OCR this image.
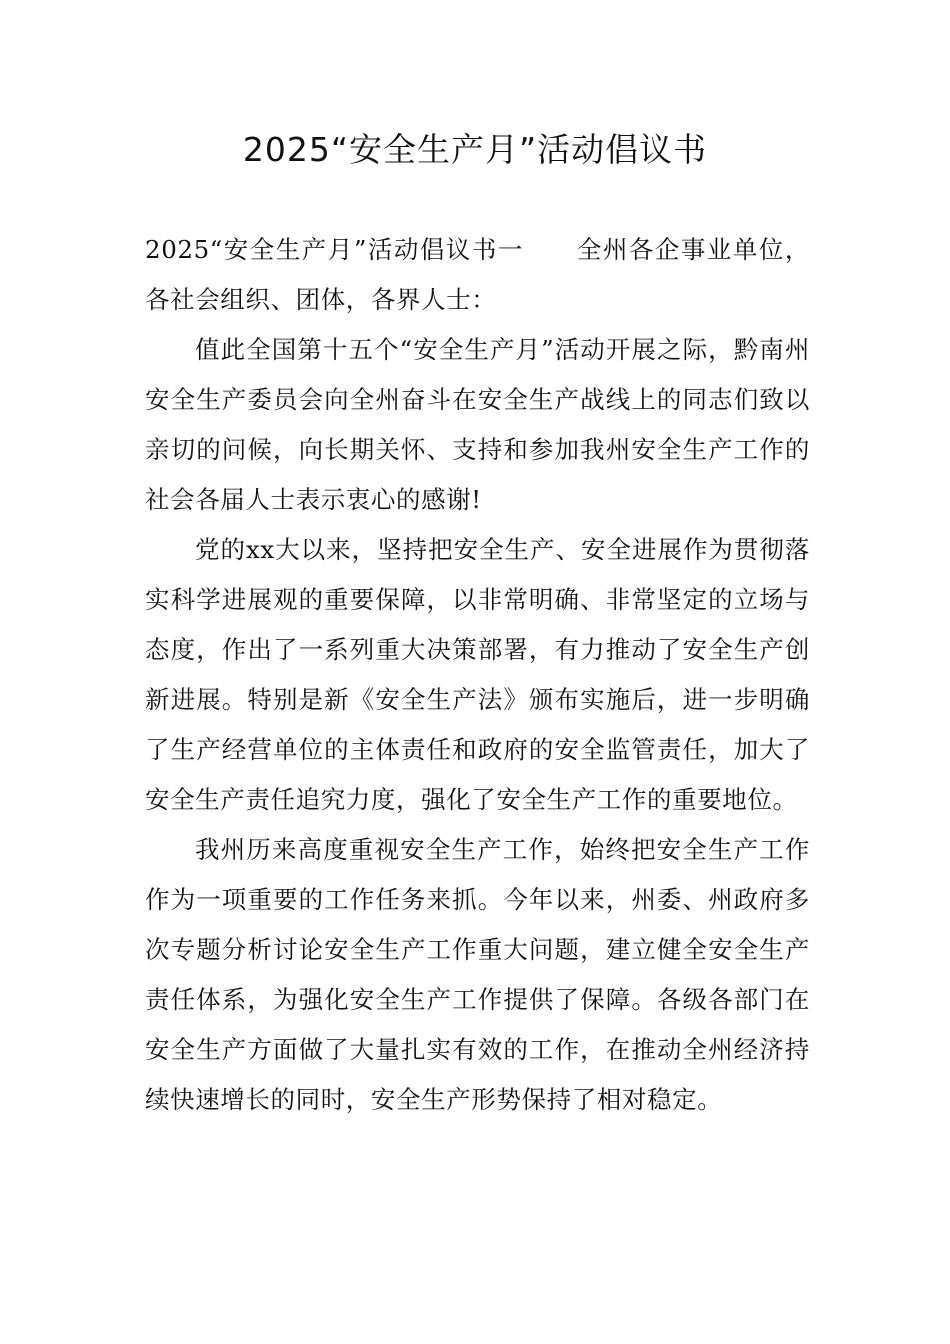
2025“安全生产月”活动倡议书

2025“安全生产月”活动倡议书一 全州各企事业单位，各社会组织、团体，各界人士：

值此全国第十五个“安全生产月”活动开展之际，黔南州安全生产委员会向全州奋斗在安全生产战线上的同志们致以亲切的问候，向长期关怀、支持和参加我州安全生产工作的社会各届人士表示衷心的感谢!

党的xx大以来，坚持把安全生产、安全进展作为贯彻落实科学进展观的重要保障，以非常明确、非常坚定的立场与态度，作出了一系列重大决策部署，有力推动了安全生产创新进展。特别是新《安全生产法》颁布实施后，进一步明确了生产经营单位的主体责任和政府的安全监管责任，加大了安全生产责任追究力度，强化了安全生产工作的重要地位。

我州历来高度重视安全生产工作，始终把安全生产工作作为一项重要的工作任务来抓。今年以来，州委、州政府多次专题分析讨论安全生产工作重大问题，建立健全安全生产责任体系，为强化安全生产工作提供了保障。各级各部门在安全生产方面做了大量扎实有效的工作，在推动全州经济持续快速增长的同时，安全生产形势保持了相对稳定。
